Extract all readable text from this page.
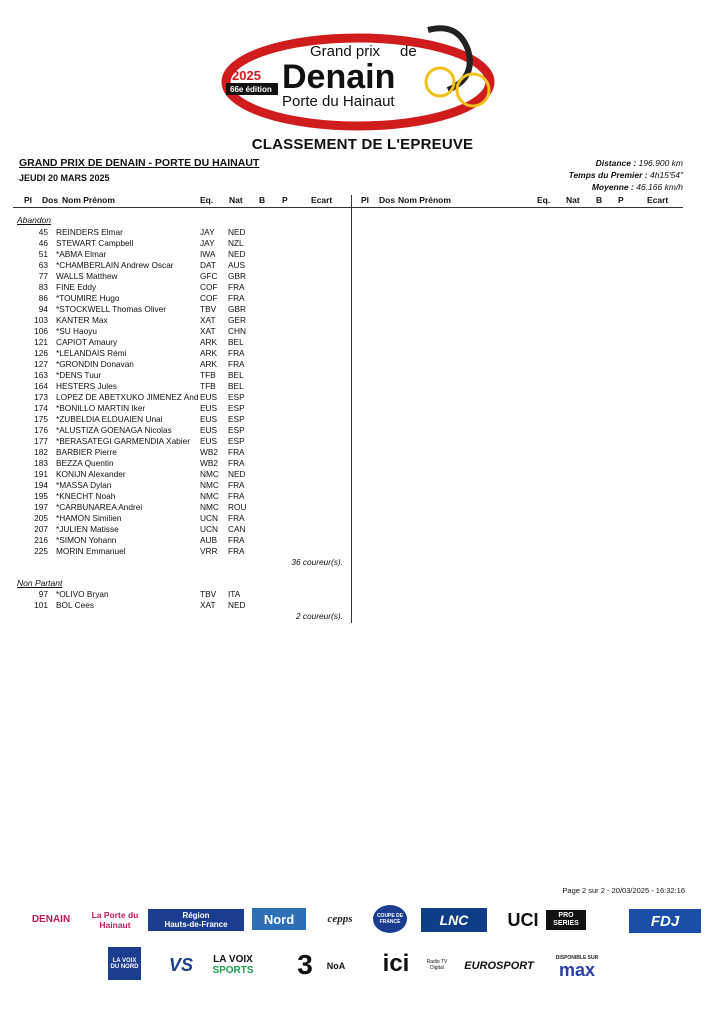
Grand prix de
Denain
Porte du Hainaut
2025
66e édition
CLASSEMENT DE L'EPREUVE
GRAND PRIX DE DENAIN - PORTE DU HAINAUT
JEUDI 20 MARS 2025
Distance : 196.900 km
Temps du Premier : 4h15'54"
Moyenne : 46.166 km/h
Pl Dos Nom Prénom	Eq. Nat B P	Ecart	Pl Dos Nom Prénom	Eq. Nat B P	Ecart
Abandon
45 REINDERS Elmar	JAY NED
46 STEWART Campbell	JAY NZL
51 *ABMA Elmar	IWA NED
63 *CHAMBERLAIN Andrew Oscar	DAT AUS
77 WALLS Matthew	GFC GBR
83 FINE Eddy	COF FRA
86 *TOUMIRE Hugo	COF FRA
94 *STOCKWELL Thomas Oliver	TBV GBR
103 KANTER Max	XAT GER
106 *SU Haoyu	XAT CHN
121 CAPIOT Amaury	ARK BEL
126 *LELANDAIS Rémi	ARK FRA
127 *GRONDIN Donavan	ARK FRA
163 *DENS Tuur	TFB BEL
164 HESTERS Jules	TFB BEL
173 LOPEZ DE ABETXUKO JIMENEZ And EUS ESP
174 *BONILLO MARTIN Iker	EUS ESP
175 *ZUBELDIA ELDUAIEN Unai	EUS ESP
176 *ALUSTIZA GOENAGA Nicolas	EUS ESP
177 *BERASATEGI GARMENDIA Xabier	EUS ESP
182 BARBIER Pierre	WB2 FRA
183 BEZZA Quentin	WB2 FRA
191 KONIJN Alexander	NMC NED
194 *MASSA Dylan	NMC FRA
195 *KNECHT Noah	NMC FRA
197 *CARBUNAREA Andrei	NMC ROU
205 *HAMON Similien	UCN FRA
207 *JULIEN Matisse	UCN CAN
216 *SIMON Yohann	AUB FRA
225 MORIN Emmanuel	VRR FRA
36 coureur(s).
Non Partant
97 *OLIVO Bryan	TBV ITA
101 BOL Cees	XAT NED
2 coureur(s).
Page 2 sur 2 - 20/03/2025 - 16:32:16
DENAIN	La Porte du Hainaut
Région
Hauts-de-France	Nord	cepps	COUPE DE FRANCE	LNC	UCI	PRO SERIES	FDJ
LA VOIX DU NORD VS	LA VOIX
SPORTS 3	NoA	ici	Radio TV Digital	EUROSPORT
DISPONIBLE SUR
max
